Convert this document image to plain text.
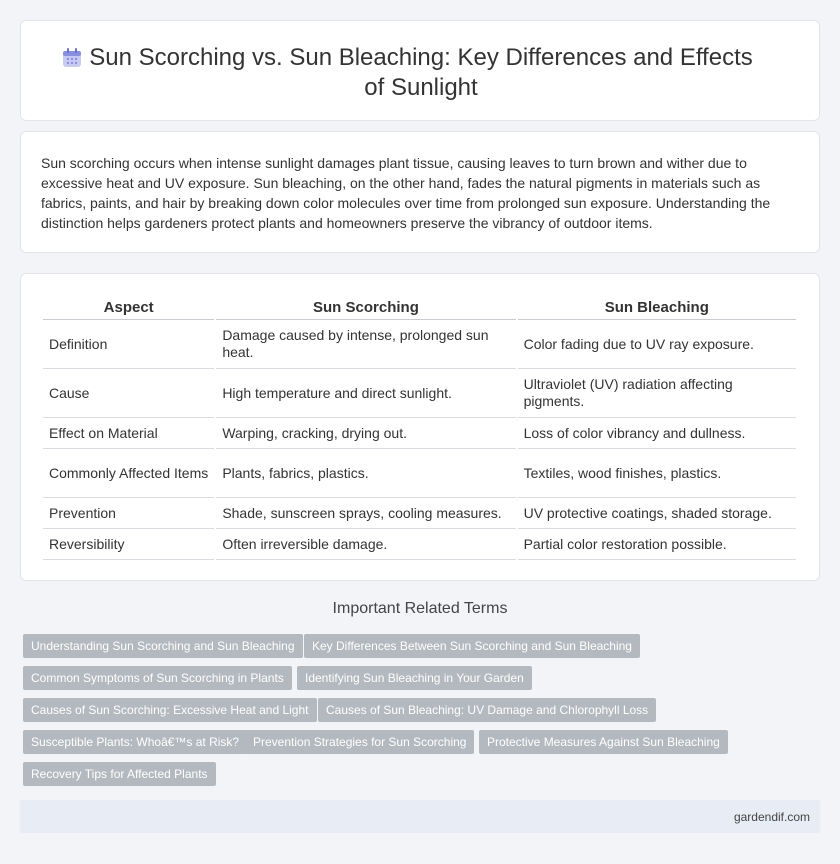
Sun Scorching vs. Sun Bleaching: Key Differences and Effects of Sunlight

Sun scorching occurs when intense sunlight damages plant tissue, causing leaves to turn brown and wither due to excessive heat and UV exposure. Sun bleaching, on the other hand, fades the natural pigments in materials such as fabrics, paints, and hair by breaking down color molecules over time from prolonged sun exposure. Understanding the distinction helps gardeners protect plants and homeowners preserve the vibrancy of outdoor items.

Aspect	Sun Scorching	Sun Bleaching
Definition	Damage caused by intense, prolonged sun heat.	Color fading due to UV ray exposure.
Cause	High temperature and direct sunlight.	Ultraviolet (UV) radiation affecting pigments.
Effect on Material	Warping, cracking, drying out.	Loss of color vibrancy and dullness.
Commonly Affected Items	Plants, fabrics, plastics.	Textiles, wood finishes, plastics.
Prevention	Shade, sunscreen sprays, cooling measures.	UV protective coatings, shaded storage.
Reversibility	Often irreversible damage.	Partial color restoration possible.
Important Related Terms
Understanding Sun Scorching and Sun Bleaching	Key Differences Between Sun Scorching and Sun Bleaching
Common Symptoms of Sun Scorching in Plants	Identifying Sun Bleaching in Your Garden
Causes of Sun Scorching: Excessive Heat and Light	Causes of Sun Bleaching: UV Damage and Chlorophyll Loss
Susceptible Plants: Whoâ€™s at Risk?	Prevention Strategies for Sun Scorching	Protective Measures Against Sun Bleaching
Recovery Tips for Affected Plants
gardendif.com
